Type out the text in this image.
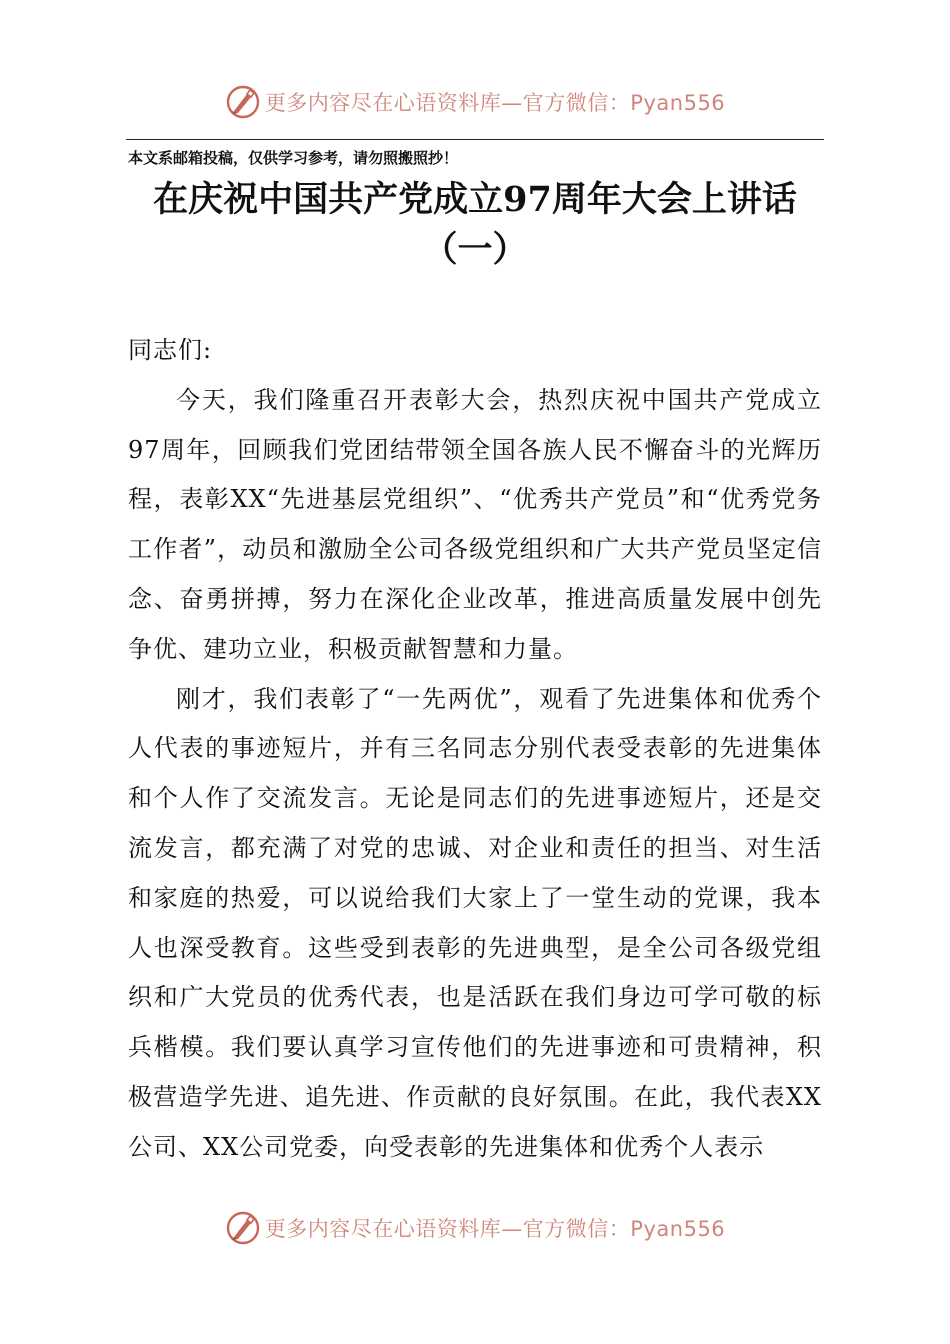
更多内容尽在心语资料库—官方微信：Pyan556
本文系邮箱投稿，仅供学习参考，请勿照搬照抄！
在庆祝中国共产党成立97周年大会上讲话
（一）

同志们:

今天，我们隆重召开表彰大会，热烈庆祝中国共产党成立97周年，回顾我们党团结带领全国各族人民不懈奋斗的光辉历程，表彰XX“先进基层党组织”、“优秀共产党员”和“优秀党务工作者”，动员和激励全公司各级党组织和广大共产党员坚定信念、奋勇拼搏，努力在深化企业改革，推进高质量发展中创先争优、建功立业，积极贡献智慧和力量。

刚才，我们表彰了“一先两优”，观看了先进集体和优秀个人代表的事迹短片，并有三名同志分别代表受表彰的先进集体和个人作了交流发言。无论是同志们的先进事迹短片，还是交流发言，都充满了对党的忠诚、对企业和责任的担当、对生活和家庭的热爱，可以说给我们大家上了一堂生动的党课，我本人也深受教育。这些受到表彰的先进典型，是全公司各级党组织和广大党员的优秀代表，也是活跃在我们身边可学可敬的标兵楷模。我们要认真学习宣传他们的先进事迹和可贵精神，积极营造学先进、追先进、作贡献的良好氛围。在此，我代表XX公司、XX公司党委，向受表彰的先进集体和优秀个人表示

更多内容尽在心语资料库—官方微信：Pyan556
